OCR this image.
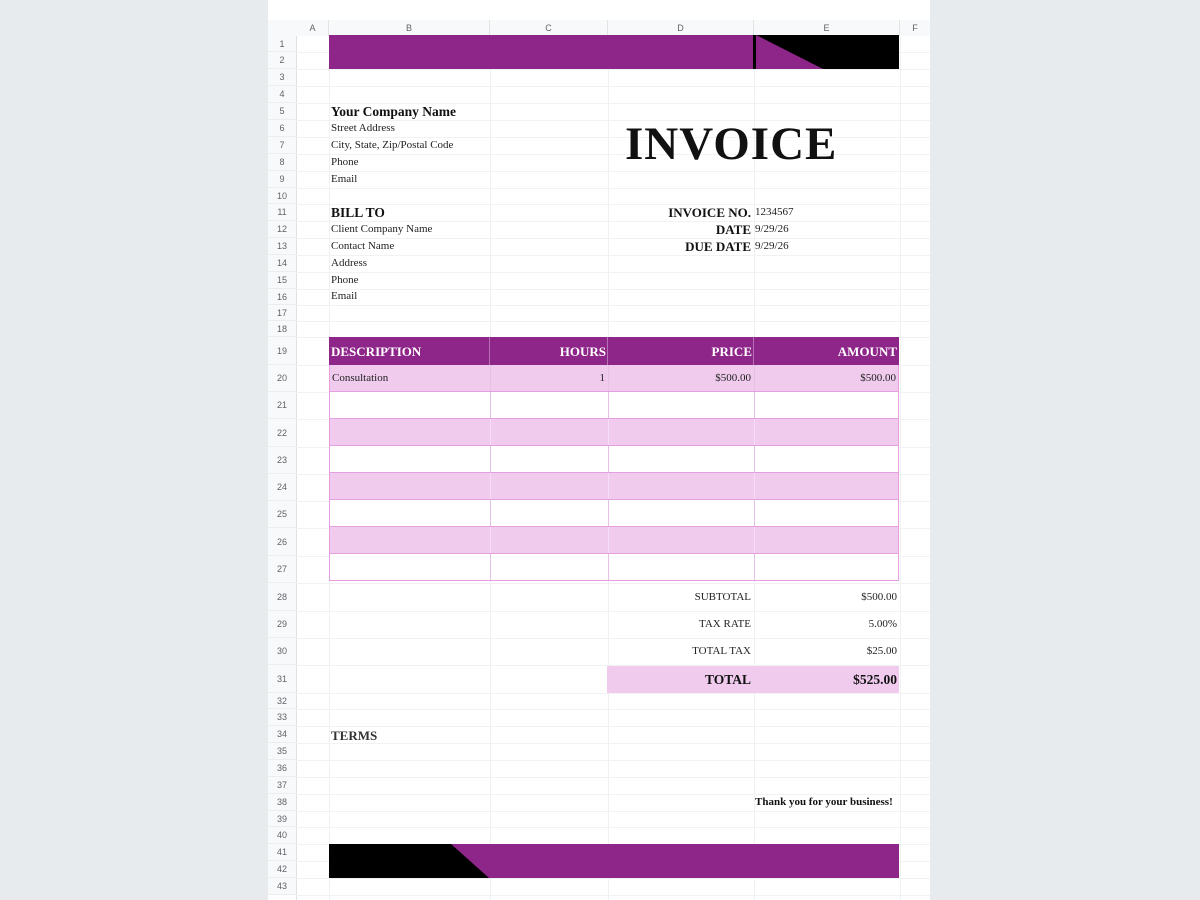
A	B	C	D	E	F
1
2
3
4
5
6
7
8
9
10
11
12
13
14
15
16
17
18
19
20
21
22
23
24
25
26
27
28
29
30
31
32
33
34
35
36
37
38
39
40
41
42
43
Your Company Name
Street Address
City, State, Zip/Postal Code
Phone
Email
INVOICE
BILL TO
Client Company Name
Contact Name
Address
Phone
Email
INVOICE NO. 1234567
DATE 9/29/26
DUE DATE 9/29/26
DESCRIPTION	HOURS	PRICE	AMOUNT
Consultation	1	$500.00	$500.00
SUBTOTAL	$500.00
TAX RATE	5.00%
TOTAL TAX	$25.00
TOTAL	$525.00
TERMS
Thank you for your business!
